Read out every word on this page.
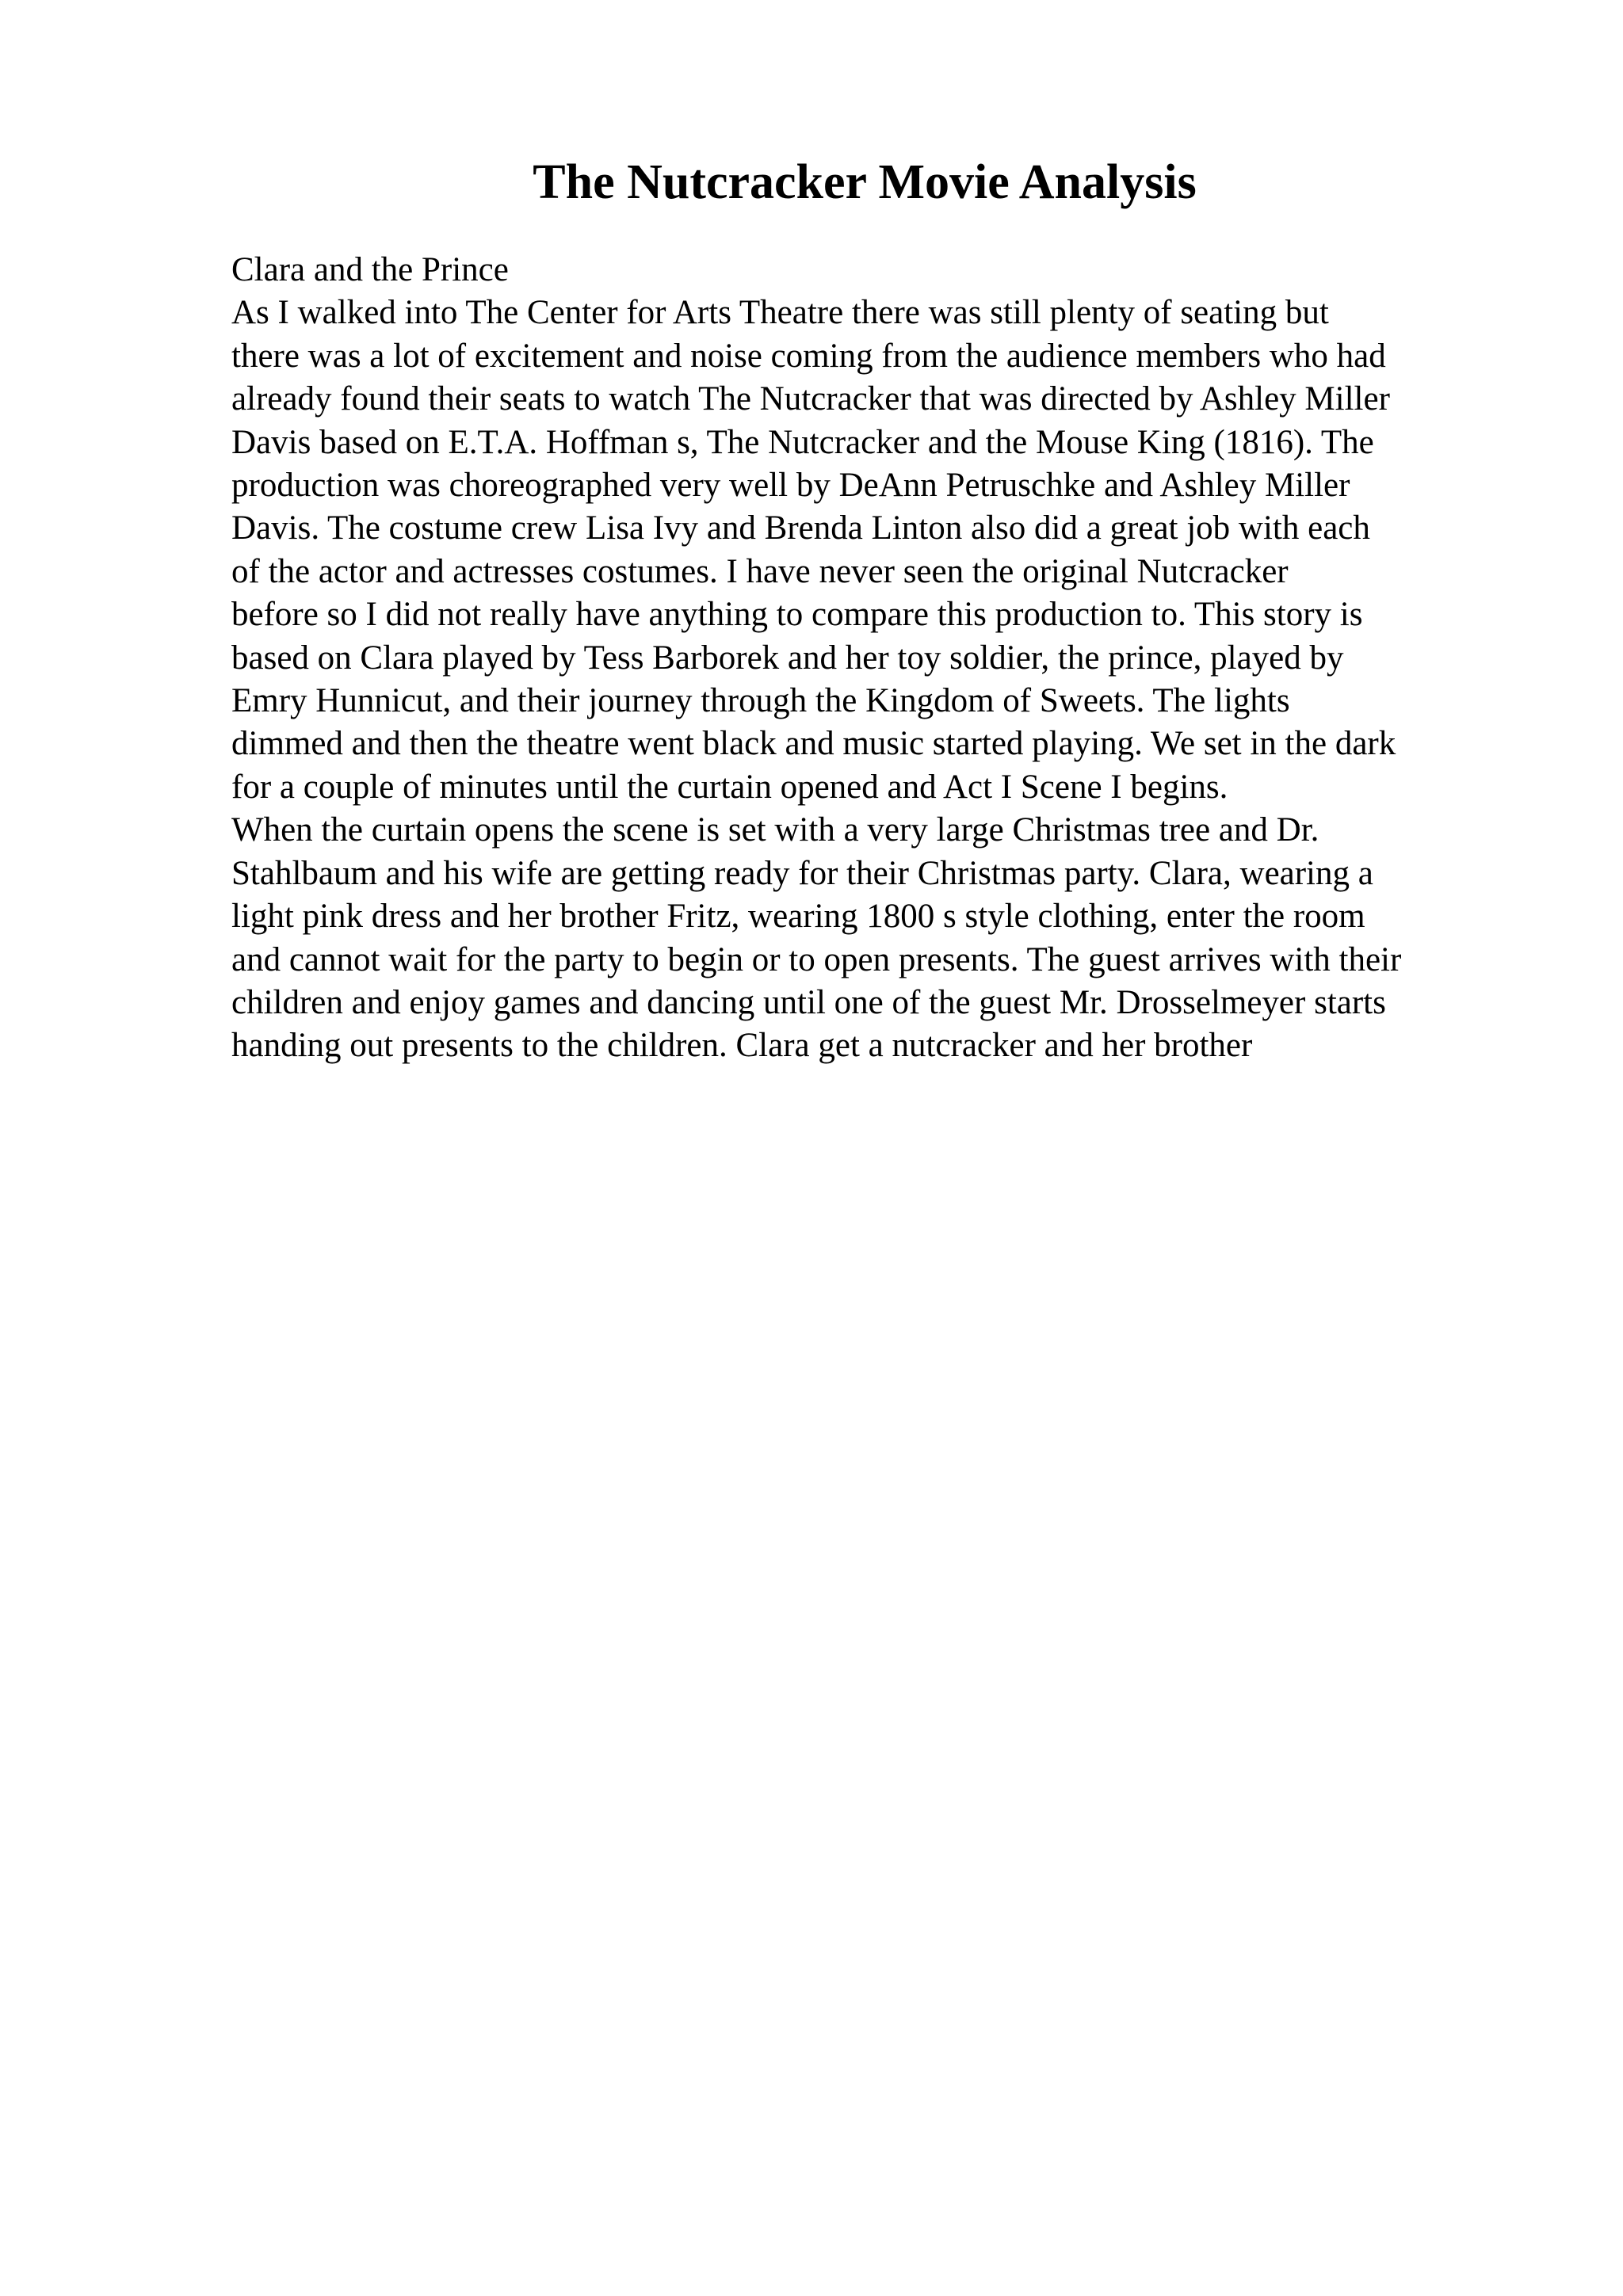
The Nutcracker Movie Analysis
Clara and the Prince
As I walked into The Center for Arts Theatre there was still plenty of seating but
there was a lot of excitement and noise coming from the audience members who had
already found their seats to watch The Nutcracker that was directed by Ashley Miller
Davis based on E.T.A. Hoffman s, The Nutcracker and the Mouse King (1816). The
production was choreographed very well by DeAnn Petruschke and Ashley Miller
Davis. The costume crew Lisa Ivy and Brenda Linton also did a great job with each
of the actor and actresses costumes. I have never seen the original Nutcracker
before so I did not really have anything to compare this production to. This story is
based on Clara played by Tess Barborek and her toy soldier, the prince, played by
Emry Hunnicut, and their journey through the Kingdom of Sweets. The lights
dimmed and then the theatre went black and music started playing. We set in the dark
for a couple of minutes until the curtain opened and Act I Scene I begins.
When the curtain opens the scene is set with a very large Christmas tree and Dr.
Stahlbaum and his wife are getting ready for their Christmas party. Clara, wearing a
light pink dress and her brother Fritz, wearing 1800 s style clothing, enter the room
and cannot wait for the party to begin or to open presents. The guest arrives with their
children and enjoy games and dancing until one of the guest Mr. Drosselmeyer starts
handing out presents to the children. Clara get a nutcracker and her brother
